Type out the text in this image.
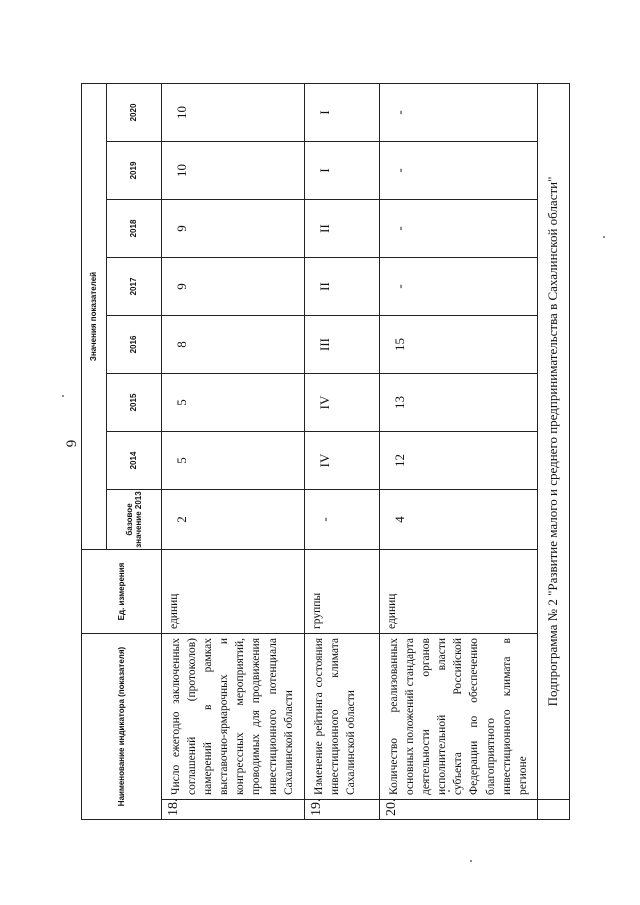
6
Наименование индикатора (показателя)		Ед. измерения	Значения показателей							
			базовое значение 2013	2014	2015	2016	2017	2018	2019	2020
18.	Число ежегодно заключенных соглашений (протоколов) намерений в рамках выставочно-ярмарочных и конгрессных мероприятий, проводимых для продвижения инвестиционного потенциала Сахалинской области	единиц	2	5	5	8	9	9	10	10
19.	Изменение рейтинга состояния инвестиционного климата Сахалинской области	группы	-	IV	IV	III	II	II	I	I
20.	Количество реализованных основных положений стандарта деятельности органов исполнительной власти субъекта Российской Федерации по обеспечению благоприятного инвестиционного климата в регионе	единиц	4	12	13	15	-	-	-	-
	Подпрограмма № 2 "Развитие малого и среднего предпринимательства в Сахалинской области"									
